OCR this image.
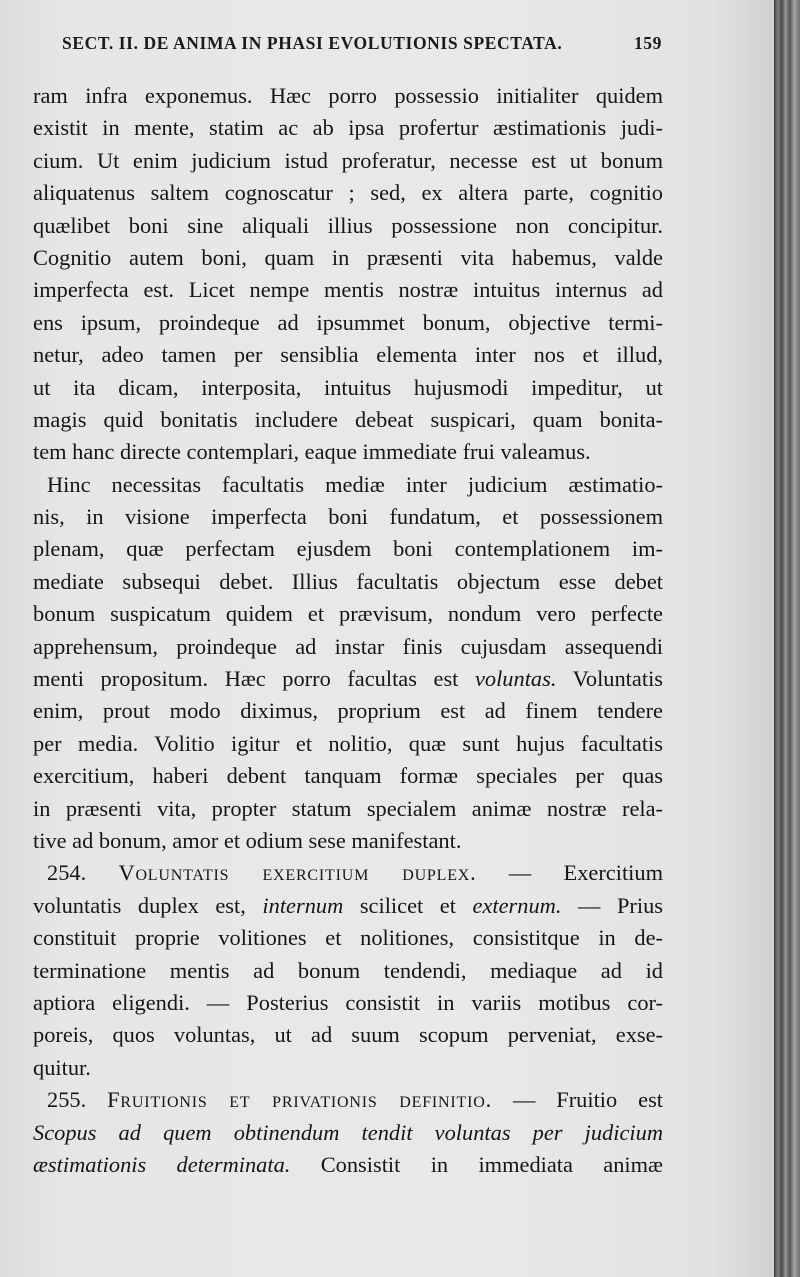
SECT. II. DE ANIMA IN PHASI EVOLUTIONIS SPECTATA.	159
ram infra exponemus. Hæc porro possessio initialiter quidem
existit in mente, statim ac ab ipsa profertur æstimationis judi-
cium. Ut enim judicium istud proferatur, necesse est ut bonum
aliquatenus saltem cognoscatur ; sed, ex altera parte, cognitio
quælibet boni sine aliquali illius possessione non concipitur.
Cognitio autem boni, quam in præsenti vita habemus, valde
imperfecta est. Licet nempe mentis nostræ intuitus internus ad
ens ipsum, proindeque ad ipsummet bonum, objective termi-
netur, adeo tamen per sensiblia elementa inter nos et illud,
ut ita dicam, interposita, intuitus hujusmodi impeditur, ut
magis quid bonitatis includere debeat suspicari, quam bonita-
tem hanc directe contemplari, eaque immediate frui valeamus.
Hinc necessitas facultatis mediæ inter judicium æstimatio-
nis, in visione imperfecta boni fundatum, et possessionem
plenam, quæ perfectam ejusdem boni contemplationem im-
mediate subsequi debet. Illius facultatis objectum esse debet
bonum suspicatum quidem et prævisum, nondum vero perfecte
apprehensum, proindeque ad instar finis cujusdam assequendi
menti propositum. Hæc porro facultas est voluntas. Voluntatis
enim, prout modo diximus, proprium est ad finem tendere
per media. Volitio igitur et nolitio, quæ sunt hujus facultatis
exercitium, haberi debent tanquam formæ speciales per quas
in præsenti vita, propter statum specialem animæ nostræ rela-
tive ad bonum, amor et odium sese manifestant.
254. Voluntatis exercitium duplex. — Exercitium
voluntatis duplex est, internum scilicet et externum. — Prius
constituit proprie volitiones et nolitiones, consistitque in de-
terminatione mentis ad bonum tendendi, mediaque ad id
aptiora eligendi. — Posterius consistit in variis motibus cor-
poreis, quos voluntas, ut ad suum scopum perveniat, exse-
quitur.
255. Fruitionis et privationis definitio. — Fruitio est
Scopus ad quem obtinendum tendit voluntas per judicium
æstimationis determinata. Consistit in immediata animæ
